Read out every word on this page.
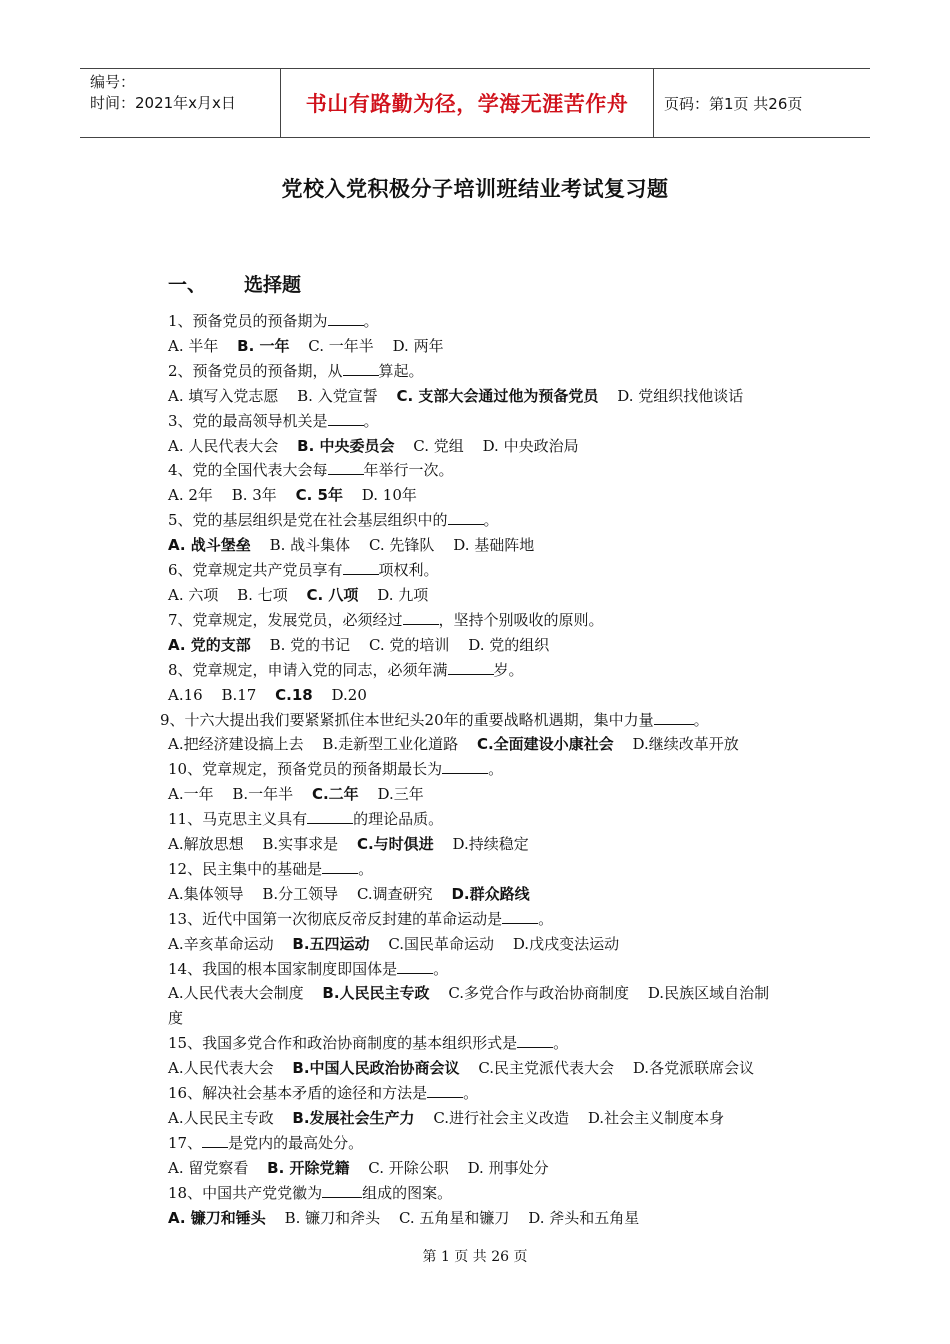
编号：
时间：2021年x月x日	书山有路勤为径，学海无涯苦作舟	页码：第1页 共26页
党校入党积极分子培训班结业考试复习题
一、 选择题
1、预备党员的预备期为 。
A. 半年 B. 一年 C. 一年半 D. 两年
2、预备党员的预备期，从 算起。
A. 填写入党志愿 B. 入党宣誓 C. 支部大会通过他为预备党员 D. 党组织找他谈话
3、党的最高领导机关是 。
A. 人民代表大会 B. 中央委员会 C. 党组 D. 中央政治局
4、党的全国代表大会每 年举行一次。
A. 2年 B. 3年 C. 5年 D. 10年
5、党的基层组织是党在社会基层组织中的 。
A. 战斗堡垒 B. 战斗集体 C. 先锋队 D. 基础阵地
6、党章规定共产党员享有 项权利。
A. 六项 B. 七项 C. 八项 D. 九项
7、党章规定，发展党员，必须经过 ，坚持个别吸收的原则。
A. 党的支部 B. 党的书记 C. 党的培训 D. 党的组织
8、党章规定，申请入党的同志，必须年满	岁。
A.16 B.17 C.18 D.20
9、十六大提出我们要紧紧抓住本世纪头20年的重要战略机遇期，集中力量	。
A.把经济建设搞上去 B.走新型工业化道路 C.全面建设小康社会 D.继续改革开放
10、党章规定，预备党员的预备期最长为	。
A.一年 B.一年半 C.二年 D.三年
11、马克思主义具有	的理论品质。
A.解放思想 B.实事求是 C.与时俱进 D.持续稳定
12、民主集中的基础是 。
A.集体领导 B.分工领导 C.调查研究 D.群众路线
13、近代中国第一次彻底反帝反封建的革命运动是 。
A.辛亥革命运动 B.五四运动 C.国民革命运动 D.戊戌变法运动
14、我国的根本国家制度即国体是 。
A.人民代表大会制度 B.人民民主专政 C.多党合作与政治协商制度 D.民族区域自治制度
15、我国多党合作和政治协商制度的基本组织形式是 。
A.人民代表大会 B.中国人民政治协商会议 C.民主党派代表大会 D.各党派联席会议
16、解决社会基本矛盾的途径和方法是 。
A.人民民主专政 B.发展社会生产力 C.进行社会主义改造 D.社会主义制度本身
17、 是党内的最高处分。
A. 留党察看 B. 开除党籍 C. 开除公职 D. 刑事处分
18、中国共产党党徽为	组成的图案。
A. 镰刀和锤头 B. 镰刀和斧头 C. 五角星和镰刀 D. 斧头和五角星
第 1 页 共 26 页
